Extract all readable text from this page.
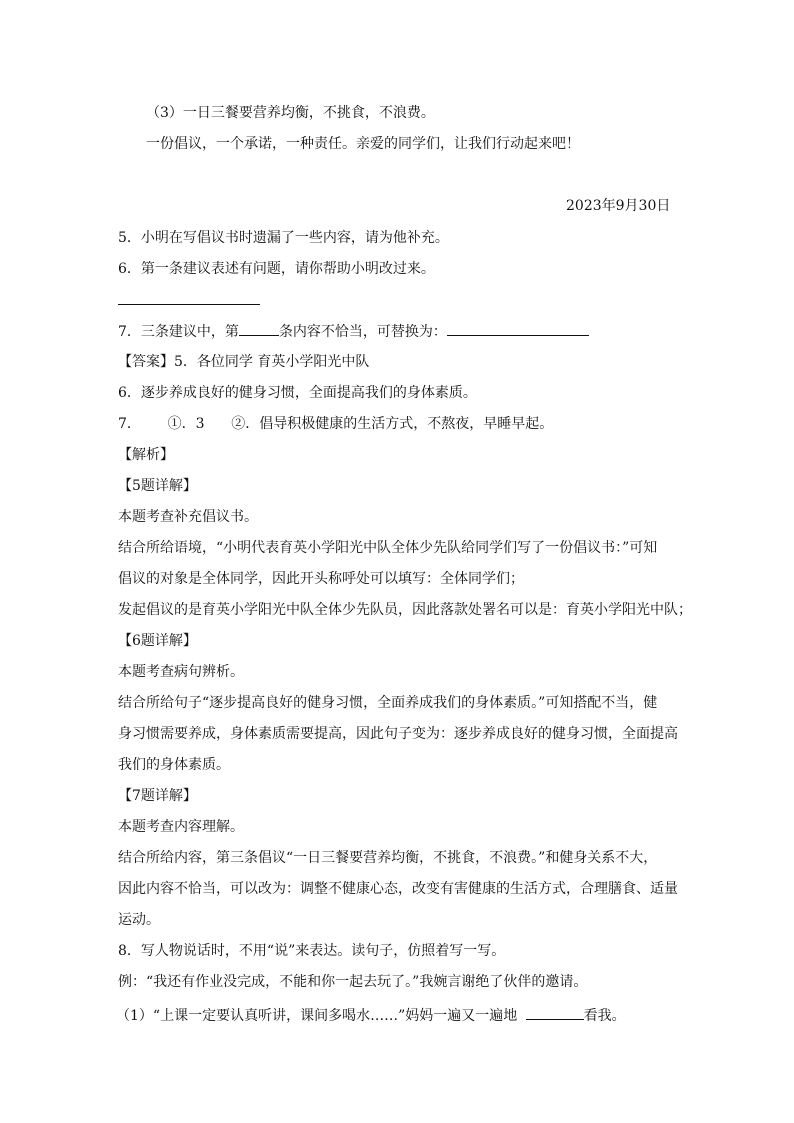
（3）一日三餐要营养均衡，不挑食，不浪费。
一份倡议，一个承诺，一种责任。亲爱的同学们，让我们行动起来吧！
2023年9月30日
5．小明在写倡议书时遗漏了一些内容，请为他补充。
6．第一条建议表述有问题，请你帮助小明改过来。
7．三条建议中，第	条内容不恰当，可替换为：
【答案】5．各位同学 育英小学阳光中队
6．逐步养成良好的健身习惯，全面提高我们的身体素质。
7．      ①．3      ②．倡导积极健康的生活方式，不熬夜，早睡早起。
【解析】
【5题详解】
本题考查补充倡议书。
结合所给语境，“小明代表育英小学阳光中队全体少先队给同学们写了一份倡议书：”可知
倡议的对象是全体同学，因此开头称呼处可以填写：全体同学们；
发起倡议的是育英小学阳光中队全体少先队员，因此落款处署名可以是：育英小学阳光中队；
【6题详解】
本题考查病句辨析。
结合所给句子“逐步提高良好的健身习惯，全面养成我们的身体素质。”可知搭配不当，健
身习惯需要养成，身体素质需要提高，因此句子变为：逐步养成良好的健身习惯，全面提高
我们的身体素质。
【7题详解】
本题考查内容理解。
结合所给内容，第三条倡议“一日三餐要营养均衡，不挑食，不浪费。”和健身关系不大，
因此内容不恰当，可以改为：调整不健康心态，改变有害健康的生活方式，合理膳食、适量
运动。
8．写人物说话时，不用“说”来表达。读句子，仿照着写一写。
例：“我还有作业没完成，不能和你一起去玩了。”我婉言谢绝了伙伴的邀请。
（1）“上课一定要认真听讲，课间多喝水……”妈妈一遍又一遍地	看我。
